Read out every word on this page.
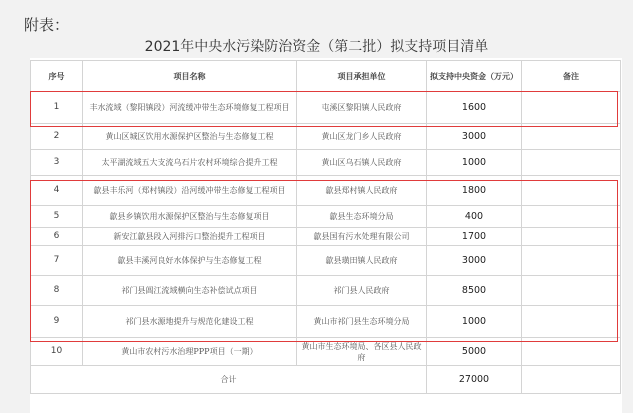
附表：
2021年中央水污染防治资金（第二批）拟支持项目清单
序号	项目名称	项目承担单位	拟支持中央资金（万元）	备注
1	丰水流域（黎阳镇段）河流缓冲带生态环境修复工程项目	屯溪区黎阳镇人民政府	1600	
2	黄山区城区饮用水源保护区整治与生态修复工程	黄山区龙门乡人民政府	3000	
3	太平湖流域五大支流乌石片农村环境综合提升工程	黄山区乌石镇人民政府	1000	
4	歙县丰乐河（郑村镇段）沿河缓冲带生态修复工程项目	歙县郑村镇人民政府	1800	
5	歙县乡镇饮用水源保护区整治与生态修复项目	歙县生态环境分局	400	
6	新安江歙县段入河排污口整治提升工程项目	歙县国有污水处理有限公司	1700	
7	歙县丰溪河良好水体保护与生态修复工程	歙县璜田镇人民政府	3000	
8	祁门县阊江流域横向生态补偿试点项目	祁门县人民政府	8500	
9	祁门县水源地提升与规范化建设工程	黄山市祁门县生态环境分局	1000	
10	黄山市农村污水治理PPP项目（一期）	黄山市生态环境局、各区县人民政府	5000	
合计			27000	
